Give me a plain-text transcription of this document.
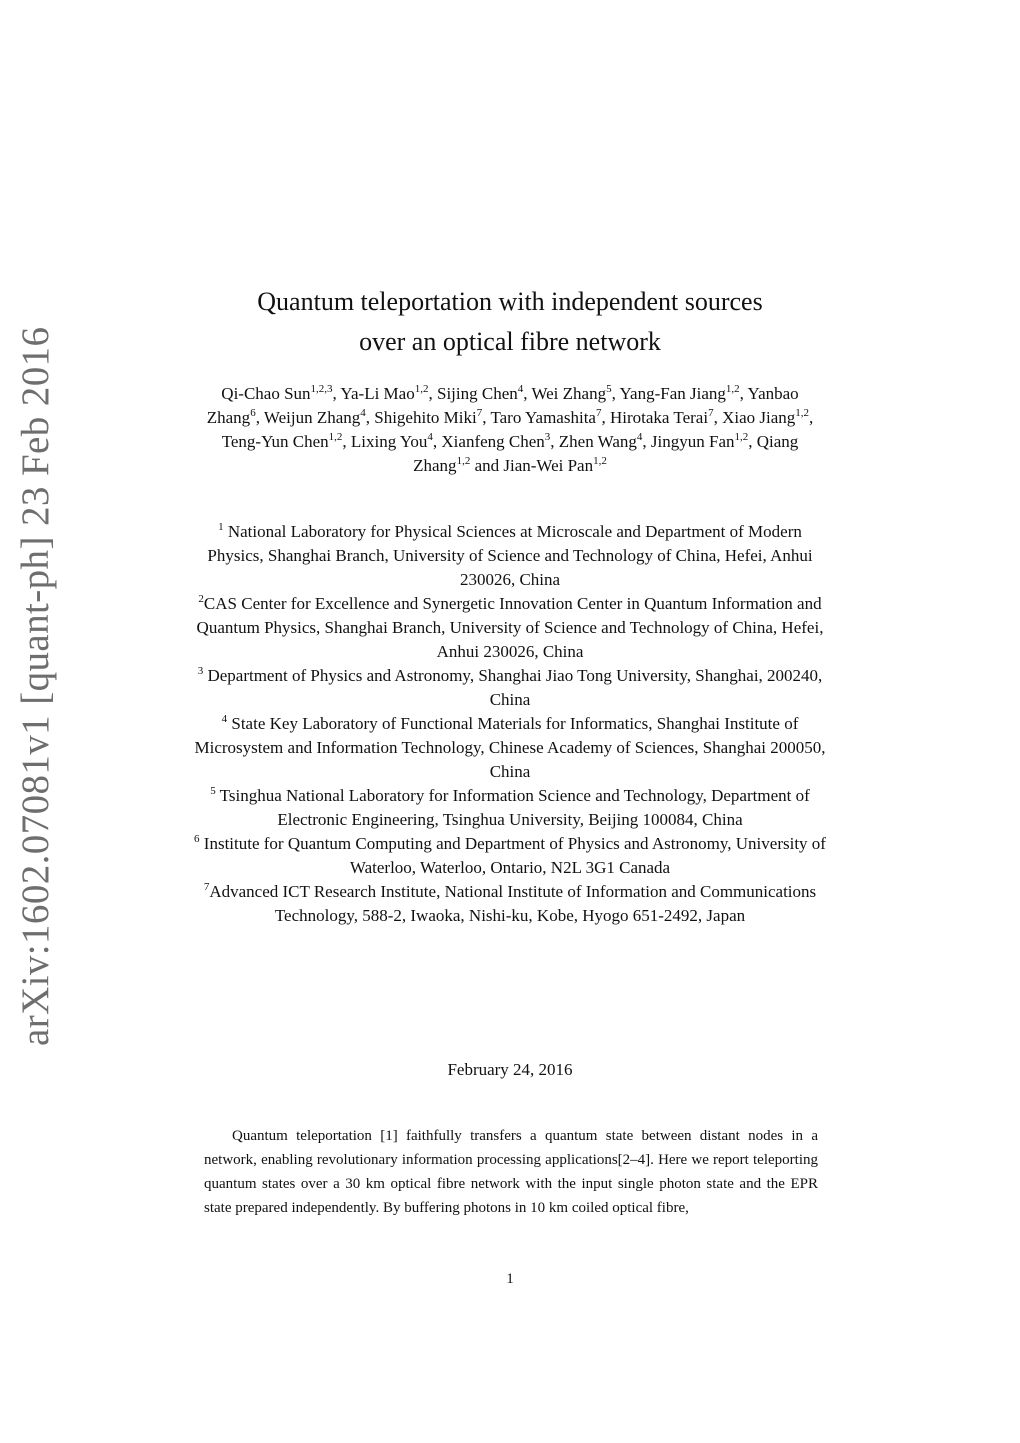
arXiv:1602.07081v1 [quant-ph] 23 Feb 2016
Quantum teleportation with independent sources
over an optical fibre network
Qi-Chao Sun$^{1,2,3}$, Ya-Li Mao$^{1,2}$, Sijing Chen$^4$, Wei Zhang$^5$, Yang-Fan Jiang$^{1,2}$, Yanbao Zhang$^6$, Weijun Zhang$^4$, Shigehito Miki$^7$, Taro Yamashita$^7$, Hirotaka Terai$^7$, Xiao Jiang$^{1,2}$, Teng-Yun Chen$^{1,2}$, Lixing You$^4$, Xianfeng Chen$^3$, Zhen Wang$^4$, Jingyun Fan$^{1,2}$, Qiang Zhang$^{1,2}$ and Jian-Wei Pan$^{1,2}$

$^1$ National Laboratory for Physical Sciences at Microscale and Department of Modern Physics, Shanghai Branch, University of Science and Technology of China, Hefei, Anhui 230026, China

$^2$CAS Center for Excellence and Synergetic Innovation Center in Quantum Information and Quantum Physics, Shanghai Branch, University of Science and Technology of China, Hefei, Anhui 230026, China

$^3$ Department of Physics and Astronomy, Shanghai Jiao Tong University, Shanghai, 200240, China

$^4$ State Key Laboratory of Functional Materials for Informatics, Shanghai Institute of Microsystem and Information Technology, Chinese Academy of Sciences, Shanghai 200050, China

$^5$ Tsinghua National Laboratory for Information Science and Technology, Department of Electronic Engineering, Tsinghua University, Beijing 100084, China

$^6$ Institute for Quantum Computing and Department of Physics and Astronomy, University of Waterloo, Waterloo, Ontario, N2L 3G1 Canada

$^7$Advanced ICT Research Institute, National Institute of Information and Communications Technology, 588-2, Iwaoka, Nishi-ku, Kobe, Hyogo 651-2492, Japan

February 24, 2016
Quantum teleportation [1] faithfully transfers a quantum state between distant nodes in a network, enabling revolutionary information processing applications[2–4]. Here we report teleporting quantum states over a 30 km optical fibre network with the input single photon state and the EPR state prepared independently. By buffering photons in 10 km coiled optical fibre,
1
